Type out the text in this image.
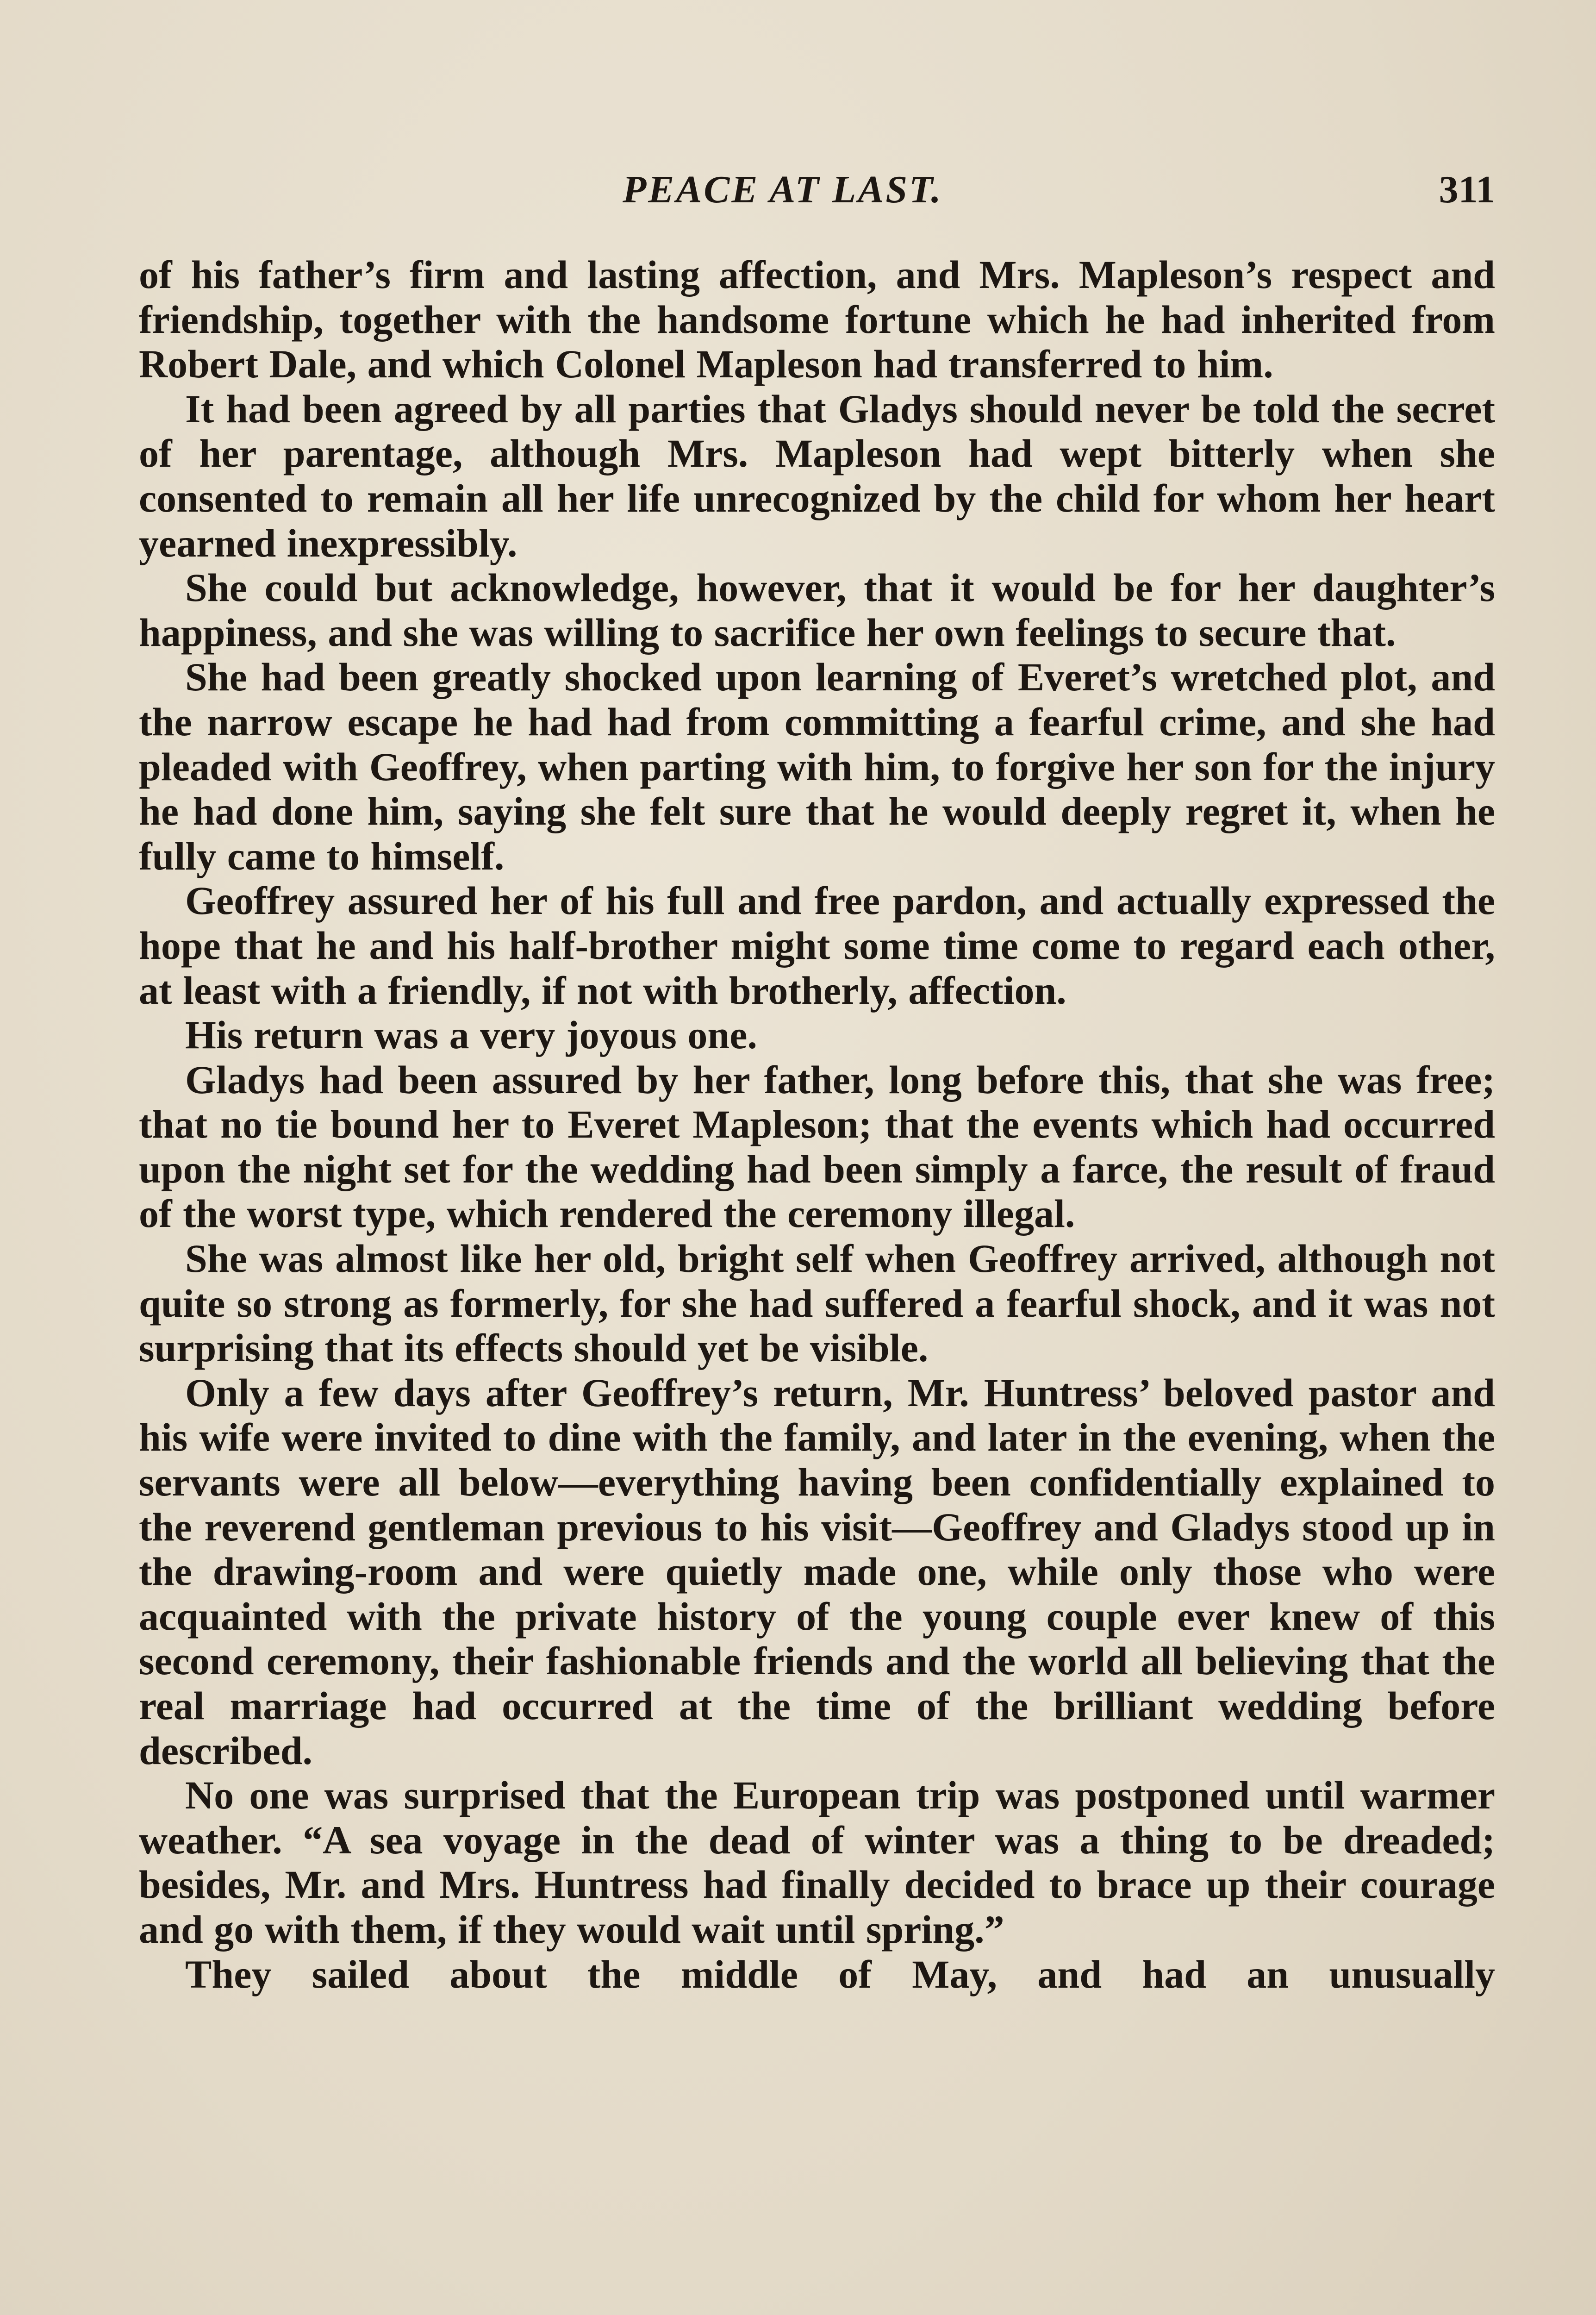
PEACE AT LAST.	311

of his father’s firm and lasting affection, and Mrs. Mapleson’s respect and friendship, together with the handsome fortune which he had inherited from Robert Dale, and which Colonel Mapleson had transferred to him.

It had been agreed by all parties that Gladys should never be told the secret of her parentage, although Mrs. Mapleson had wept bitterly when she consented to remain all her life unrecognized by the child for whom her heart yearned inexpressibly.

She could but acknowledge, however, that it would be for her daughter’s happiness, and she was willing to sacrifice her own feelings to secure that.

She had been greatly shocked upon learning of Everet’s wretched plot, and the narrow escape he had had from committing a fearful crime, and she had pleaded with Geoffrey, when parting with him, to forgive her son for the injury he had done him, saying she felt sure that he would deeply regret it, when he fully came to himself.

Geoffrey assured her of his full and free pardon, and actually expressed the hope that he and his half-brother might some time come to regard each other, at least with a friendly, if not with brotherly, affection.

His return was a very joyous one.

Gladys had been assured by her father, long before this, that she was free; that no tie bound her to Everet Mapleson; that the events which had occurred upon the night set for the wedding had been simply a farce, the result of fraud of the worst type, which rendered the ceremony illegal.

She was almost like her old, bright self when Geoffrey arrived, although not quite so strong as formerly, for she had suffered a fearful shock, and it was not surprising that its effects should yet be visible.

Only a few days after Geoffrey’s return, Mr. Huntress’ beloved pastor and his wife were invited to dine with the family, and later in the evening, when the servants were all below—everything having been confidentially explained to the reverend gentleman previous to his visit—Geoffrey and Gladys stood up in the drawing-room and were quietly made one, while only those who were acquainted with the private history of the young couple ever knew of this second ceremony, their fashionable friends and the world all believing that the real marriage had occurred at the time of the brilliant wedding before described.

No one was surprised that the European trip was postponed until warmer weather. “A sea voyage in the dead of winter was a thing to be dreaded; besides, Mr. and Mrs. Huntress had finally decided to brace up their courage and go with them, if they would wait until spring.”

They sailed about the middle of May, and had an unusually
